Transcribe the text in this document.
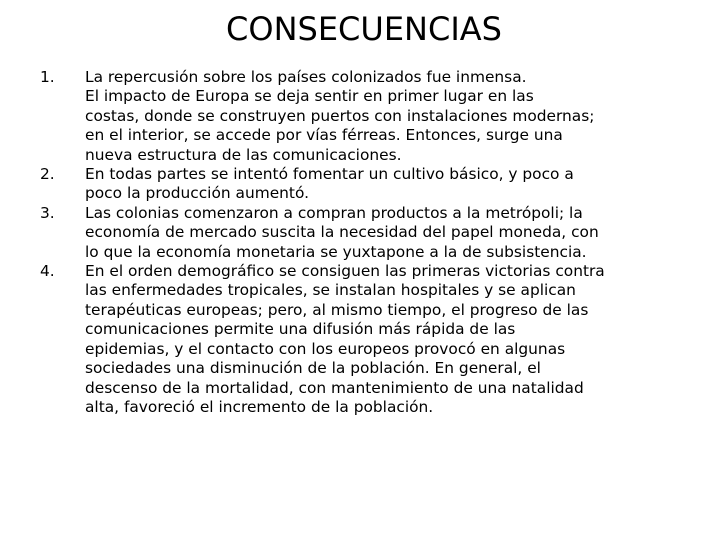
CONSECUENCIAS
1. La repercusión sobre los países colonizados fue inmensa.
El impacto de Europa se deja sentir en primer lugar en las
costas, donde se construyen puertos con instalaciones modernas;
en el interior, se accede por vías férreas. Entonces, surge una
nueva estructura de las comunicaciones.
2. En todas partes se intentó fomentar un cultivo básico, y poco a
poco la producción aumentó.
3. Las colonias comenzaron a compran productos a la metrópoli; la
economía de mercado suscita la necesidad del papel moneda, con
lo que la economía monetaria se yuxtapone a la de subsistencia.
4. En el orden demográfico se consiguen las primeras victorias contra
las enfermedades tropicales, se instalan hospitales y se aplican
terapéuticas europeas; pero, al mismo tiempo, el progreso de las
comunicaciones permite una difusión más rápida de las
epidemias, y el contacto con los europeos provocó en algunas
sociedades una disminución de la población. En general, el
descenso de la mortalidad, con mantenimiento de una natalidad
alta, favoreció el incremento de la población.
